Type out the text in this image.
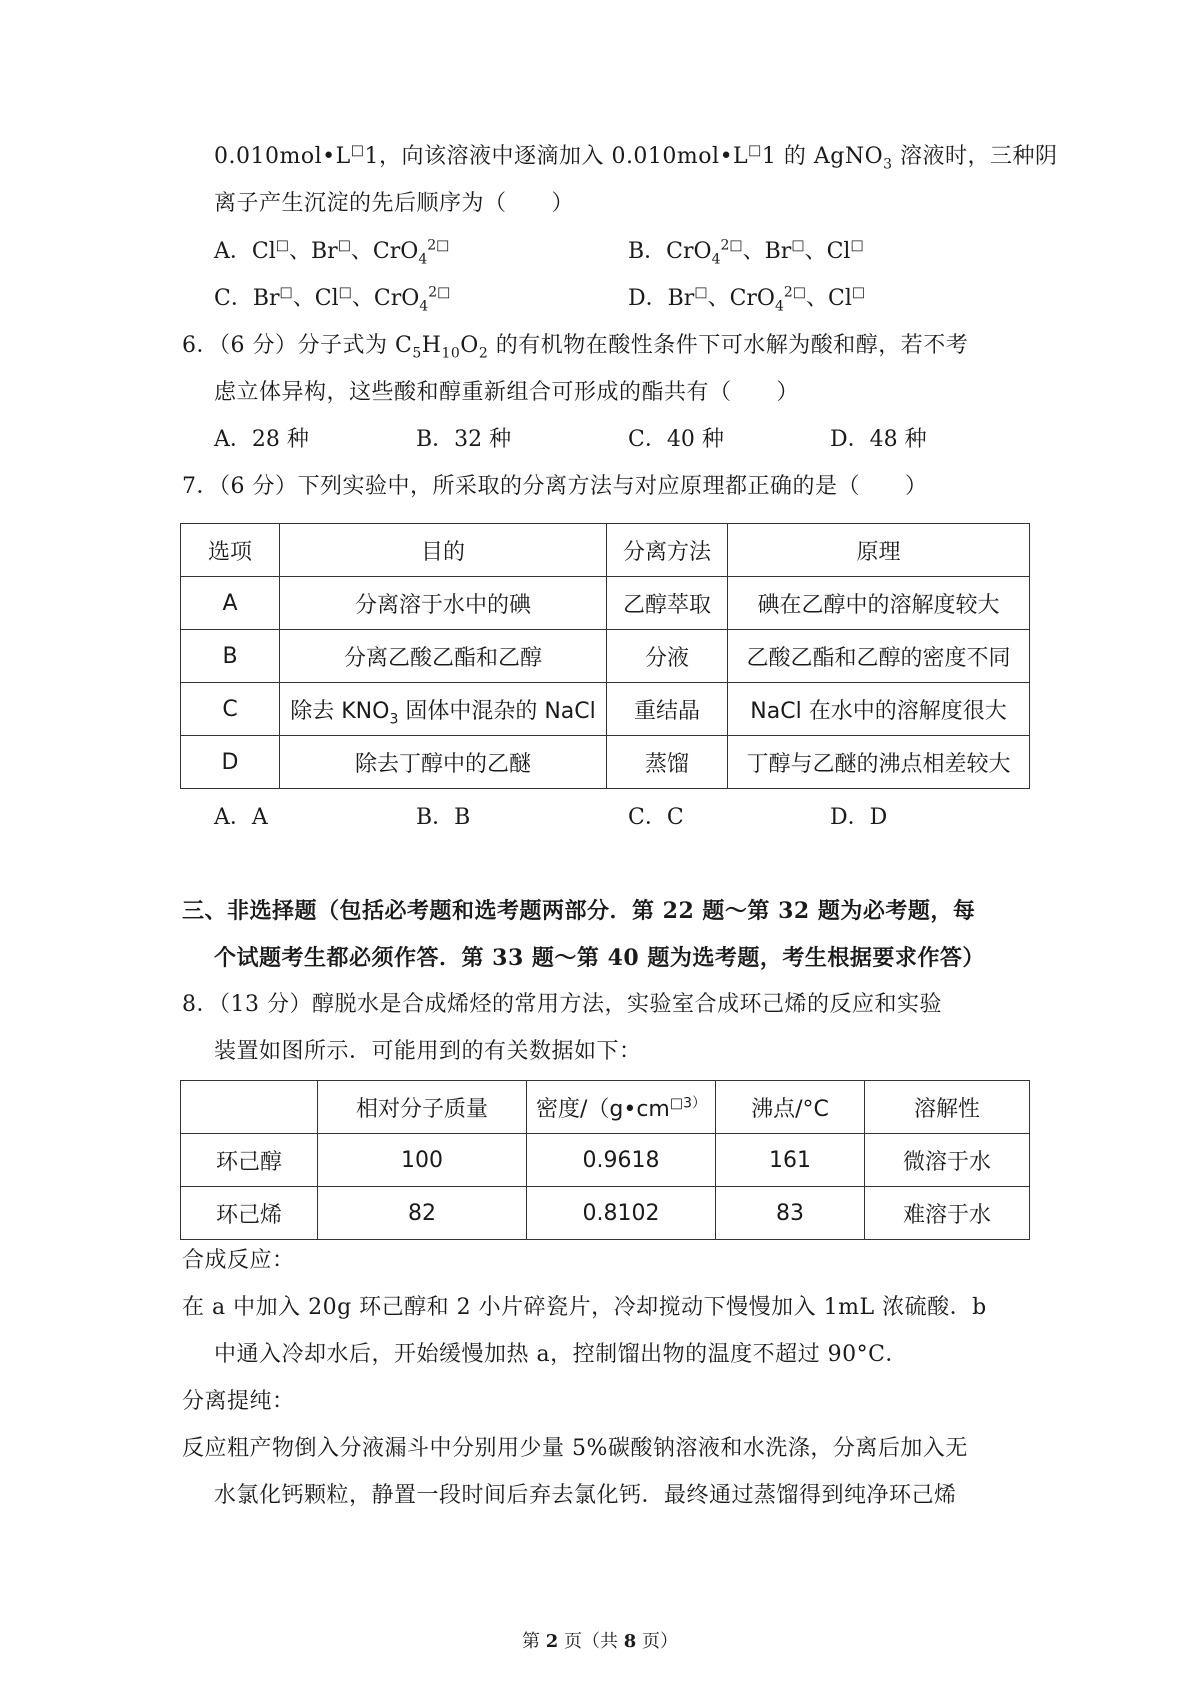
0.010mol•L□1，向该溶液中逐滴加入 0.010mol•L□1 的 AgNO$_3$ 溶液时，三种阴
离子产生沉淀的先后顺序为（　　）
A．Cl□、Br□、CrO$_4^{2□}$	B．CrO$_4^{2□}$、Br□、Cl□
C．Br□、Cl□、CrO$_4^{2□}$	D．Br□、CrO$_4^{2□}$、Cl□
6．（6 分）分子式为 $C_5H_{10}O_2$ 的有机物在酸性条件下可水解为酸和醇，若不考
虑立体异构，这些酸和醇重新组合可形成的酯共有（　　）
A．28 种	B．32 种	C．40 种	D．48 种
7．（6 分）下列实验中，所采取的分离方法与对应原理都正确的是（　　）
选项	目的	分离方法	原理
A	分离溶于水中的碘	乙醇萃取	碘在乙醇中的溶解度较大
B	分离乙酸乙酯和乙醇	分液	乙酸乙酯和乙醇的密度不同
C	除去 $KNO_3$ 固体中混杂的 NaCl	重结晶	NaCl 在水中的溶解度很大
D	除去丁醇中的乙醚	蒸馏	丁醇与乙醚的沸点相差较大
A．A	B．B	C．C	D．D
三、非选择题（包括必考题和选考题两部分．第 22 题～第 32 题为必考题，每
个试题考生都必须作答．第 33 题～第 40 题为选考题，考生根据要求作答）
8．（13 分）醇脱水是合成烯烃的常用方法，实验室合成环己烯的反应和实验
装置如图所示．可能用到的有关数据如下：
	相对分子质量	密度$/(g•cm^{□3)}$	沸点/°C	溶解性
环己醇	100	0.9618	161	微溶于水
环己烯	82	0.8102	83	难溶于水
合成反应：
在 a 中加入 20g 环己醇和 2 小片碎瓷片，冷却搅动下慢慢加入 1mL 浓硫酸．b
中通入冷却水后，开始缓慢加热 a，控制馏出物的温度不超过 90°C．
分离提纯：
反应粗产物倒入分液漏斗中分别用少量 5%碳酸钠溶液和水洗涤，分离后加入无
水氯化钙颗粒，静置一段时间后弃去氯化钙．最终通过蒸馏得到纯净环己烯
第 2 页（共 8 页）
